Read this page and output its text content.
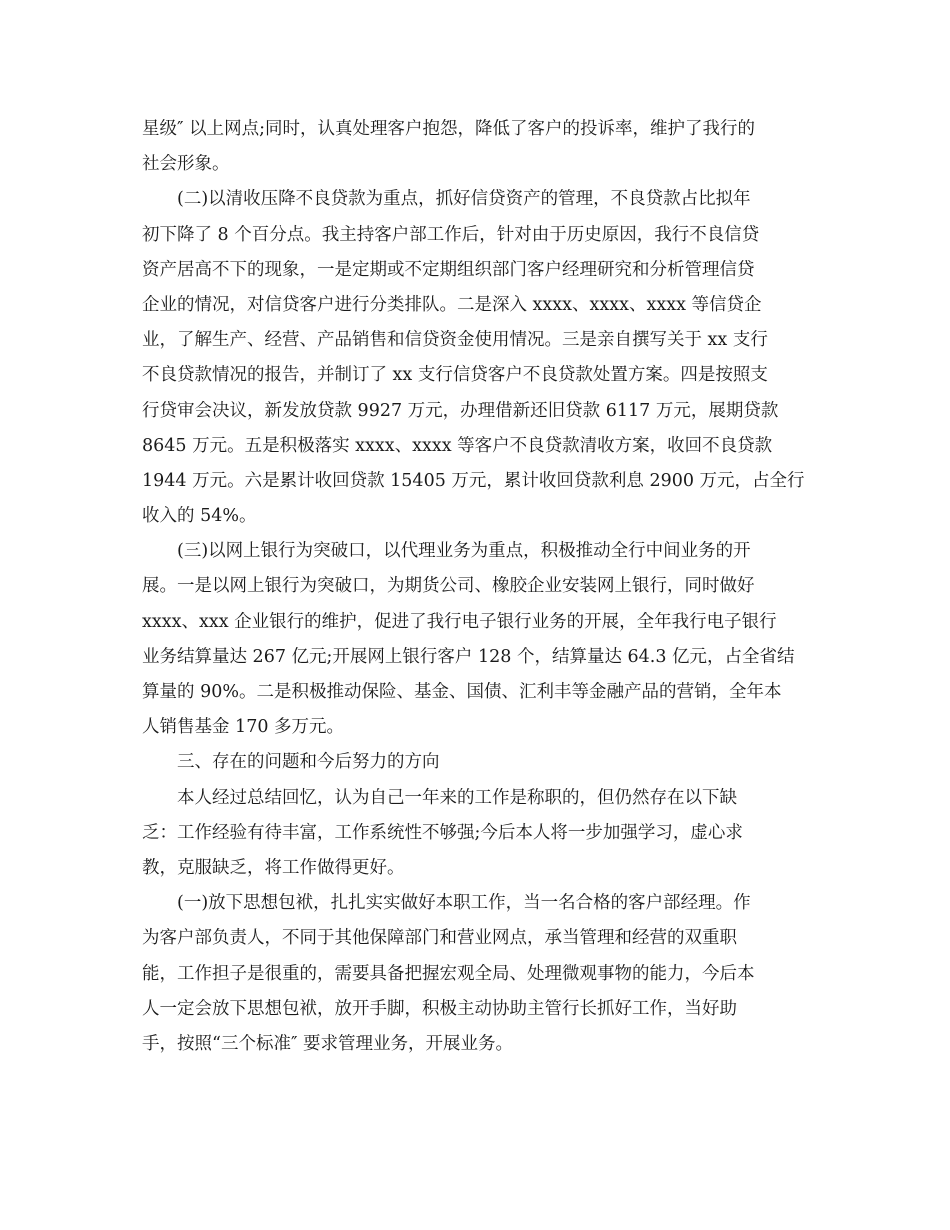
星级″ 以上网点;同时，认真处理客户抱怨，降低了客户的投诉率，维护了我行的
社会形象。
(二)以清收压降不良贷款为重点，抓好信贷资产的管理，不良贷款占比拟年
初下降了 8 个百分点。我主持客户部工作后，针对由于历史原因，我行不良信贷
资产居高不下的现象，一是定期或不定期组织部门客户经理研究和分析管理信贷
企业的情况，对信贷客户进行分类排队。二是深入 xxxx、xxxx、xxxx 等信贷企
业，了解生产、经营、产品销售和信贷资金使用情况。三是亲自撰写关于 xx 支行
不良贷款情况的报告，并制订了 xx 支行信贷客户不良贷款处置方案。四是按照支
行贷审会决议，新发放贷款 9927 万元，办理借新还旧贷款 6117 万元，展期贷款
8645 万元。五是积极落实 xxxx、xxxx 等客户不良贷款清收方案，收回不良贷款
1944 万元。六是累计收回贷款 15405 万元，累计收回贷款利息 2900 万元，占全行
收入的 54%。
(三)以网上银行为突破口，以代理业务为重点，积极推动全行中间业务的开
展。一是以网上银行为突破口，为期货公司、橡胶企业安装网上银行，同时做好
xxxx、xxx 企业银行的维护，促进了我行电子银行业务的开展，全年我行电子银行
业务结算量达 267 亿元;开展网上银行客户 128 个，结算量达 64.3 亿元，占全省结
算量的 90%。二是积极推动保险、基金、国债、汇利丰等金融产品的营销，全年本
人销售基金 170 多万元。
三、存在的问题和今后努力的方向
本人经过总结回忆，认为自己一年来的工作是称职的，但仍然存在以下缺
乏：工作经验有待丰富，工作系统性不够强;今后本人将一步加强学习，虚心求
教，克服缺乏，将工作做得更好。
(一)放下思想包袱，扎扎实实做好本职工作，当一名合格的客户部经理。作
为客户部负责人，不同于其他保障部门和营业网点，承当管理和经营的双重职
能，工作担子是很重的，需要具备把握宏观全局、处理微观事物的能力，今后本
人一定会放下思想包袱，放开手脚，积极主动协助主管行长抓好工作，当好助
手，按照“三个标准″ 要求管理业务，开展业务。
